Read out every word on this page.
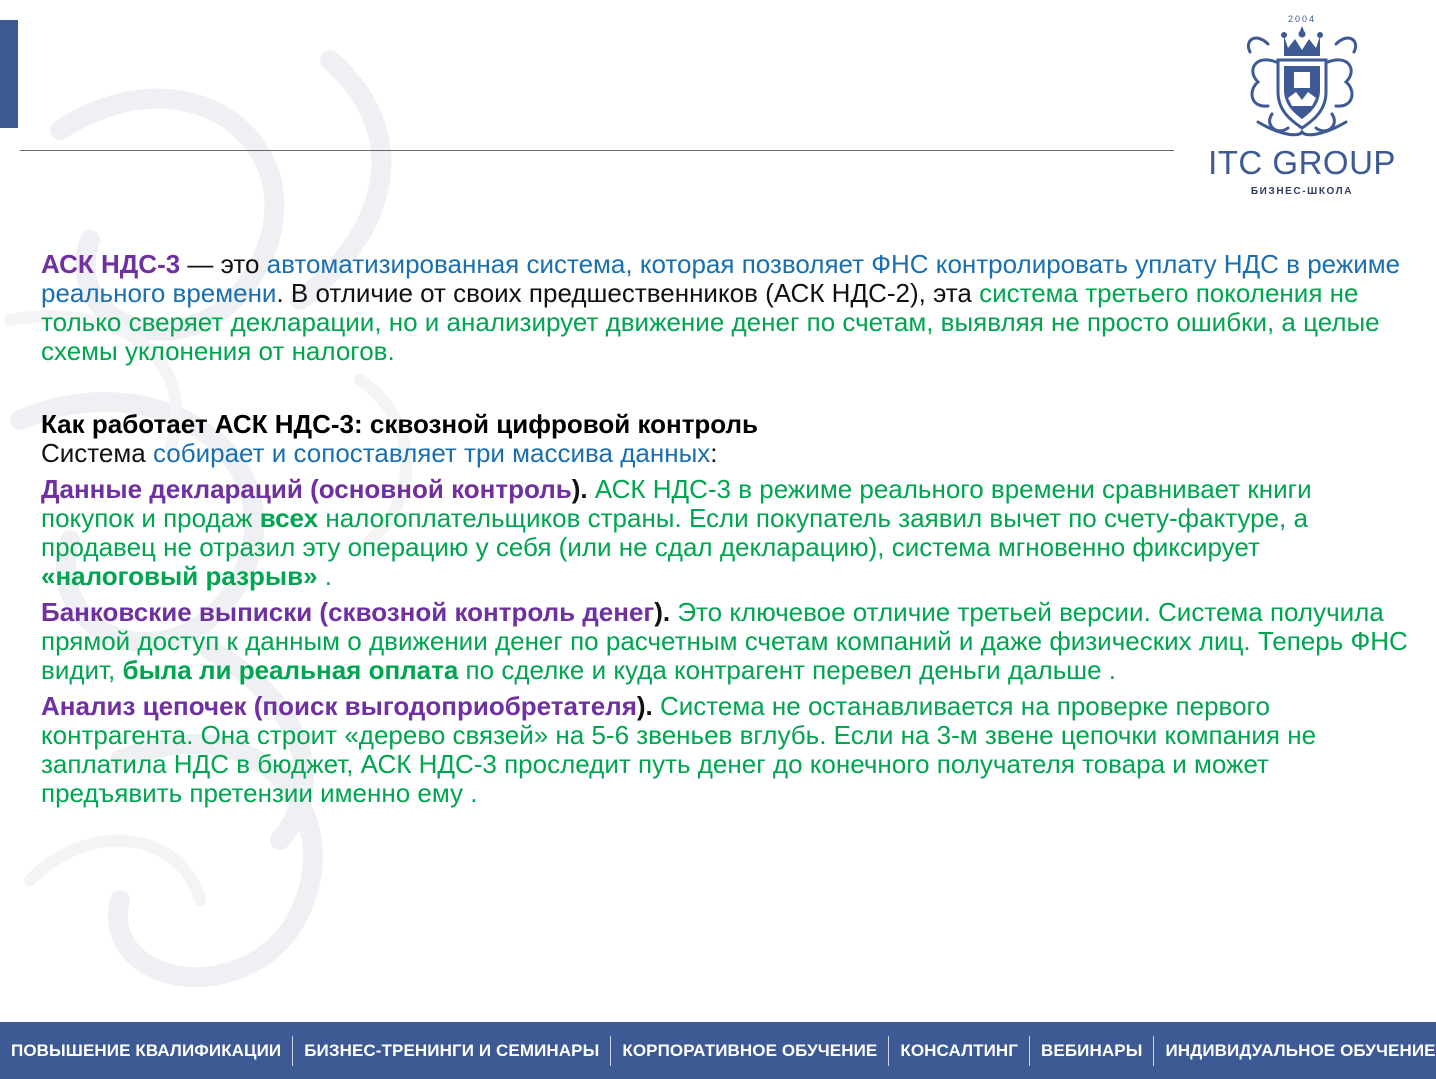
2004
ITC GROUP
БИЗНЕС-ШКОЛА

АСК НДС-3 — это автоматизированная система, которая позволяет ФНС контролировать уплату НДС в режиме реального времени. В отличие от своих предшественников (АСК НДС-2), эта система третьего поколения не только сверяет декларации, но и анализирует движение денег по счетам, выявляя не просто ошибки, а целые схемы уклонения от налогов.

Как работает АСК НДС-3: сквозной цифровой контроль

Система собирает и сопоставляет три массива данных:

Данные деклараций (основной контроль). АСК НДС-3 в режиме реального времени сравнивает книги покупок и продаж всех налогоплательщиков страны. Если покупатель заявил вычет по счету-фактуре, а продавец не отразил эту операцию у себя (или не сдал декларацию), система мгновенно фиксирует «налоговый разрыв» .

Банковские выписки (сквозной контроль денег). Это ключевое отличие третьей версии. Система получила прямой доступ к данным о движении денег по расчетным счетам компаний и даже физических лиц. Теперь ФНС видит, была ли реальная оплата по сделке и куда контрагент перевел деньги дальше .

Анализ цепочек (поиск выгодоприобретателя). Система не останавливается на проверке первого контрагента. Она строит «дерево связей» на 5-6 звеньев вглубь. Если на 3-м звене цепочки компания не заплатила НДС в бюджет, АСК НДС-3 проследит путь денег до конечного получателя товара и может предъявить претензии именно ему .

ПОВЫШЕНИЕ КВАЛИФИКАЦИИ	БИЗНЕС-ТРЕНИНГИ И СЕМИНАРЫ	КОРПОРАТИВНОЕ ОБУЧЕНИЕ	КОНСАЛТИНГ	ВЕБИНАРЫ	ИНДИВИДУАЛЬНОЕ ОБУЧЕНИЕ
